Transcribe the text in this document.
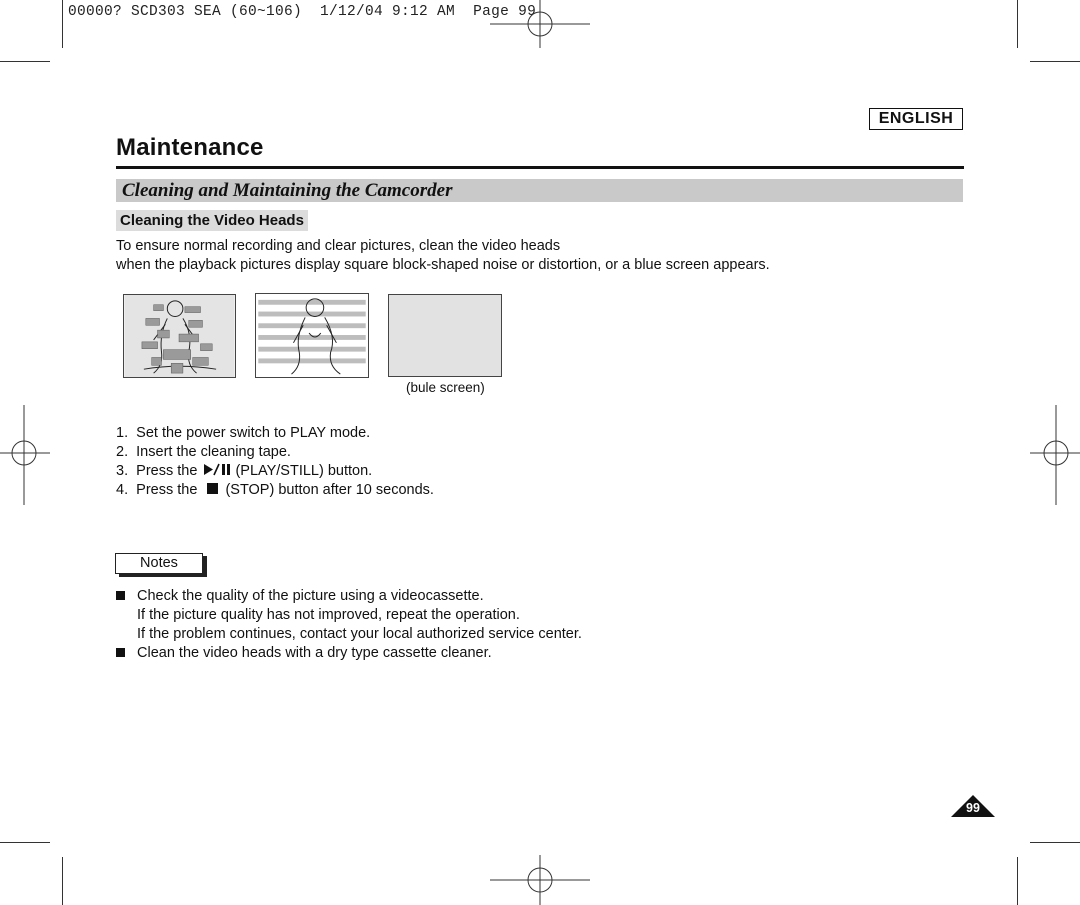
00000? SCD303 SEA (60~106)  1/12/04 9:12 AM  Page 99
ENGLISH
Maintenance
Cleaning and Maintaining the Camcorder
Cleaning the Video Heads
To ensure normal recording and clear pictures, clean the video heads
when the playback pictures display square block-shaped noise or distortion, or a blue screen appears.
(bule screen)
1. Set the power switch to PLAY mode.
2. Insert the cleaning tape.
3. Press the	(PLAY/STILL) button.
4. Press the (STOP) button after 10 seconds.
Notes
Check the quality of the picture using a videocassette.
If the picture quality has not improved, repeat the operation.
If the problem continues, contact your local authorized service center.
Clean the video heads with a dry type cassette cleaner.
99
